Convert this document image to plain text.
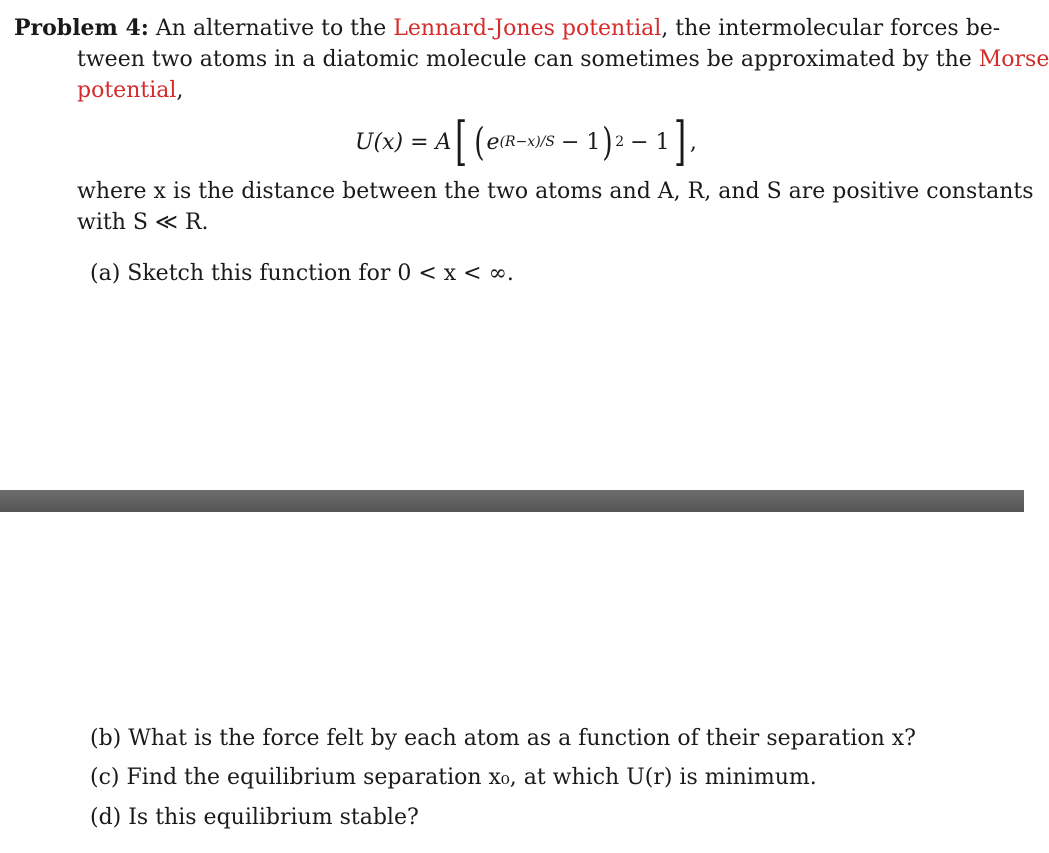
Problem 4: An alternative to the Lennard-Jones potential, the intermolecular forces be-
tween two atoms in a diatomic molecule can sometimes be approximated by the Morse
potential,
U(x) = A [ ( e (R−x)/S − 1 ) 2 − 1 ] ,
where x is the distance between the two atoms and A, R, and S are positive constants
with S ≪ R.
(a) Sketch this function for 0 < x < ∞.
(b) What is the force felt by each atom as a function of their separation x?
(c) Find the equilibrium separation x₀, at which U(r) is minimum.
(d) Is this equilibrium stable?
